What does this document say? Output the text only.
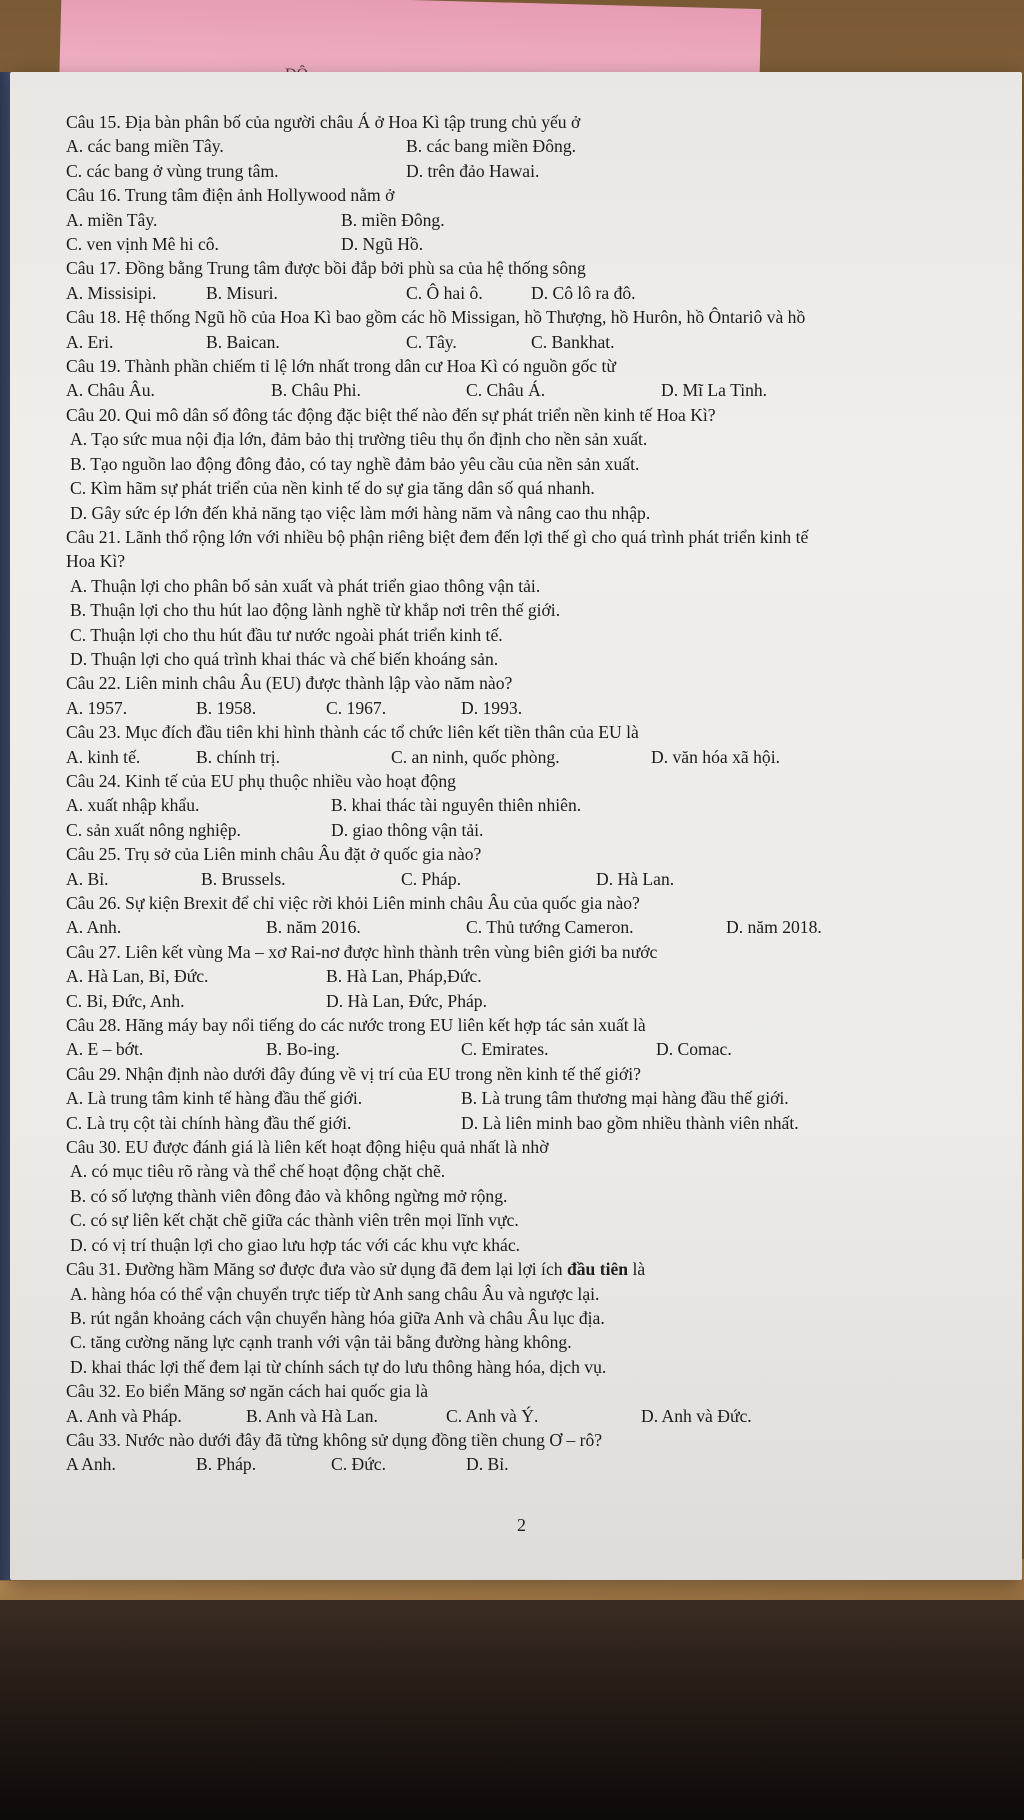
Câu 15. Địa bàn phân bố của người châu Á ở Hoa Kì tập trung chủ yếu ở

A. các bang miền Tây.	B. các bang miền Đông.
C. các bang ở vùng trung tâm.	D. trên đảo Hawai.

Câu 16. Trung tâm điện ảnh Hollywood nằm ở

A. miền Tây.	B. miền Đông.
C. ven vịnh Mê hi cô.	D. Ngũ Hồ.

Câu 17. Đồng bằng Trung tâm được bồi đắp bởi phù sa của hệ thống sông

A. Missisipi.	B. Misuri.	C. Ô hai ô.	D. Cô lô ra đô.

Câu 18. Hệ thống Ngũ hồ của Hoa Kì bao gồm các hồ Missigan, hồ Thượng, hồ Hurôn, hồ Ôntariô và hồ

A. Eri.	B. Baican.	C. Tây.	C. Bankhat.

Câu 19. Thành phần chiếm tỉ lệ lớn nhất trong dân cư Hoa Kì có nguồn gốc từ

A. Châu Âu.	B. Châu Phi.	C. Châu Á.	D. Mĩ La Tinh.

Câu 20. Qui mô dân số đông tác động đặc biệt thế nào đến sự phát triển nền kinh tế Hoa Kì?

A. Tạo sức mua nội địa lớn, đảm bảo thị trường tiêu thụ ổn định cho nền sản xuất.

B. Tạo nguồn lao động đông đảo, có tay nghề đảm bảo yêu cầu của nền sản xuất.

C. Kìm hãm sự phát triển của nền kinh tế do sự gia tăng dân số quá nhanh.

D. Gây sức ép lớn đến khả năng tạo việc làm mới hàng năm và nâng cao thu nhập.

Câu 21. Lãnh thổ rộng lớn với nhiều bộ phận riêng biệt đem đến lợi thế gì cho quá trình phát triển kinh tế

Hoa Kì?

A. Thuận lợi cho phân bố sản xuất và phát triển giao thông vận tải.

B. Thuận lợi cho thu hút lao động lành nghề từ khắp nơi trên thế giới.

C. Thuận lợi cho thu hút đầu tư nước ngoài phát triển kinh tế.

D. Thuận lợi cho quá trình khai thác và chế biến khoáng sản.

Câu 22. Liên minh châu Âu (EU) được thành lập vào năm nào?

A. 1957.	B. 1958.	C. 1967.	D. 1993.

Câu 23. Mục đích đầu tiên khi hình thành các tổ chức liên kết tiền thân của EU là

A. kinh tế.	B. chính trị.	C. an ninh, quốc phòng.	D. văn hóa xã hội.

Câu 24. Kinh tế của EU phụ thuộc nhiều vào hoạt động

A. xuất nhập khẩu.	B. khai thác tài nguyên thiên nhiên.
C. sản xuất nông nghiệp.	D. giao thông vận tải.

Câu 25. Trụ sở của Liên minh châu Âu đặt ở quốc gia nào?

A. Bỉ.	B. Brussels.	C. Pháp.	D. Hà Lan.

Câu 26. Sự kiện Brexit để chỉ việc rời khỏi Liên minh châu Âu của quốc gia nào?

A. Anh.	B. năm 2016.	C. Thủ tướng Cameron.	D. năm 2018.

Câu 27. Liên kết vùng Ma – xơ Rai-nơ được hình thành trên vùng biên giới ba nước

A. Hà Lan, Bỉ, Đức.	B. Hà Lan, Pháp,Đức.
C. Bỉ, Đức, Anh.	D. Hà Lan, Đức, Pháp.

Câu 28. Hãng máy bay nổi tiếng do các nước trong EU liên kết hợp tác sản xuất là

A. E – bớt.	B. Bo-ing.	C. Emirates.	D. Comac.

Câu 29. Nhận định nào dưới đây đúng về vị trí của EU trong nền kinh tế thế giới?

A. Là trung tâm kinh tế hàng đầu thế giới.	B. Là trung tâm thương mại hàng đầu thế giới.
C. Là trụ cột tài chính hàng đầu thế giới.	D. Là liên minh bao gồm nhiều thành viên nhất.

Câu 30. EU được đánh giá là liên kết hoạt động hiệu quả nhất là nhờ

A. có mục tiêu rõ ràng và thể chế hoạt động chặt chẽ.

B. có số lượng thành viên đông đảo và không ngừng mở rộng.

C. có sự liên kết chặt chẽ giữa các thành viên trên mọi lĩnh vực.

D. có vị trí thuận lợi cho giao lưu hợp tác với các khu vực khác.

Câu 31. Đường hầm Măng sơ được đưa vào sử dụng đã đem lại lợi ích đầu tiên là

A. hàng hóa có thể vận chuyển trực tiếp từ Anh sang châu Âu và ngược lại.

B. rút ngắn khoảng cách vận chuyển hàng hóa giữa Anh và châu Âu lục địa.

C. tăng cường năng lực cạnh tranh với vận tải bằng đường hàng không.

D. khai thác lợi thế đem lại từ chính sách tự do lưu thông hàng hóa, dịch vụ.

Câu 32. Eo biển Măng sơ ngăn cách hai quốc gia là

A. Anh và Pháp.	B. Anh và Hà Lan.	C. Anh và Ý.	D. Anh và Đức.

Câu 33. Nước nào dưới đây đã từng không sử dụng đồng tiền chung Ơ – rô?

A Anh.	B. Pháp.	C. Đức.	D. Bỉ.
2
